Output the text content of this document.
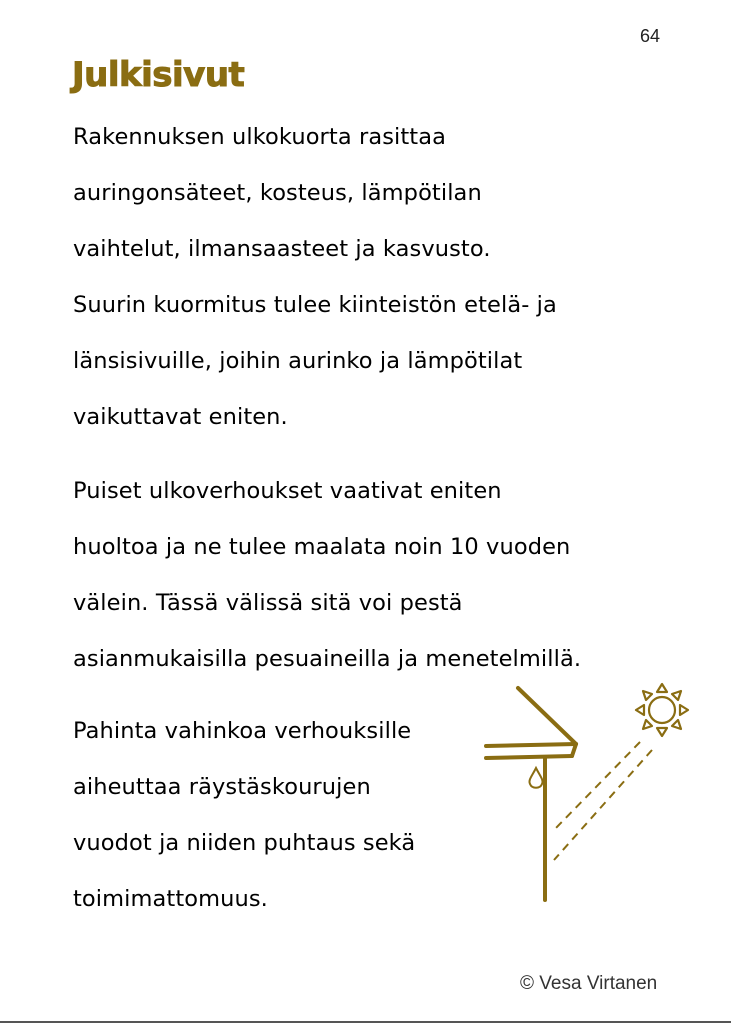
64
Julkisivut
Rakennuksen ulkokuorta rasittaa
auringonsäteet, kosteus, lämpötilan
vaihtelut, ilmansaasteet ja kasvusto.
Suurin kuormitus tulee kiinteistön etelä- ja
länsisivuille, joihin aurinko ja lämpötilat
vaikuttavat eniten.
Puiset ulkoverhoukset vaativat eniten
huoltoa ja ne tulee maalata noin 10 vuoden
välein. Tässä välissä sitä voi pestä
asianmukaisilla pesuaineilla ja menetelmillä.
Pahinta vahinkoa verhouksille
aiheuttaa räystäskourujen
vuodot ja niiden puhtaus sekä
toimimattomuus.
© Vesa Virtanen
